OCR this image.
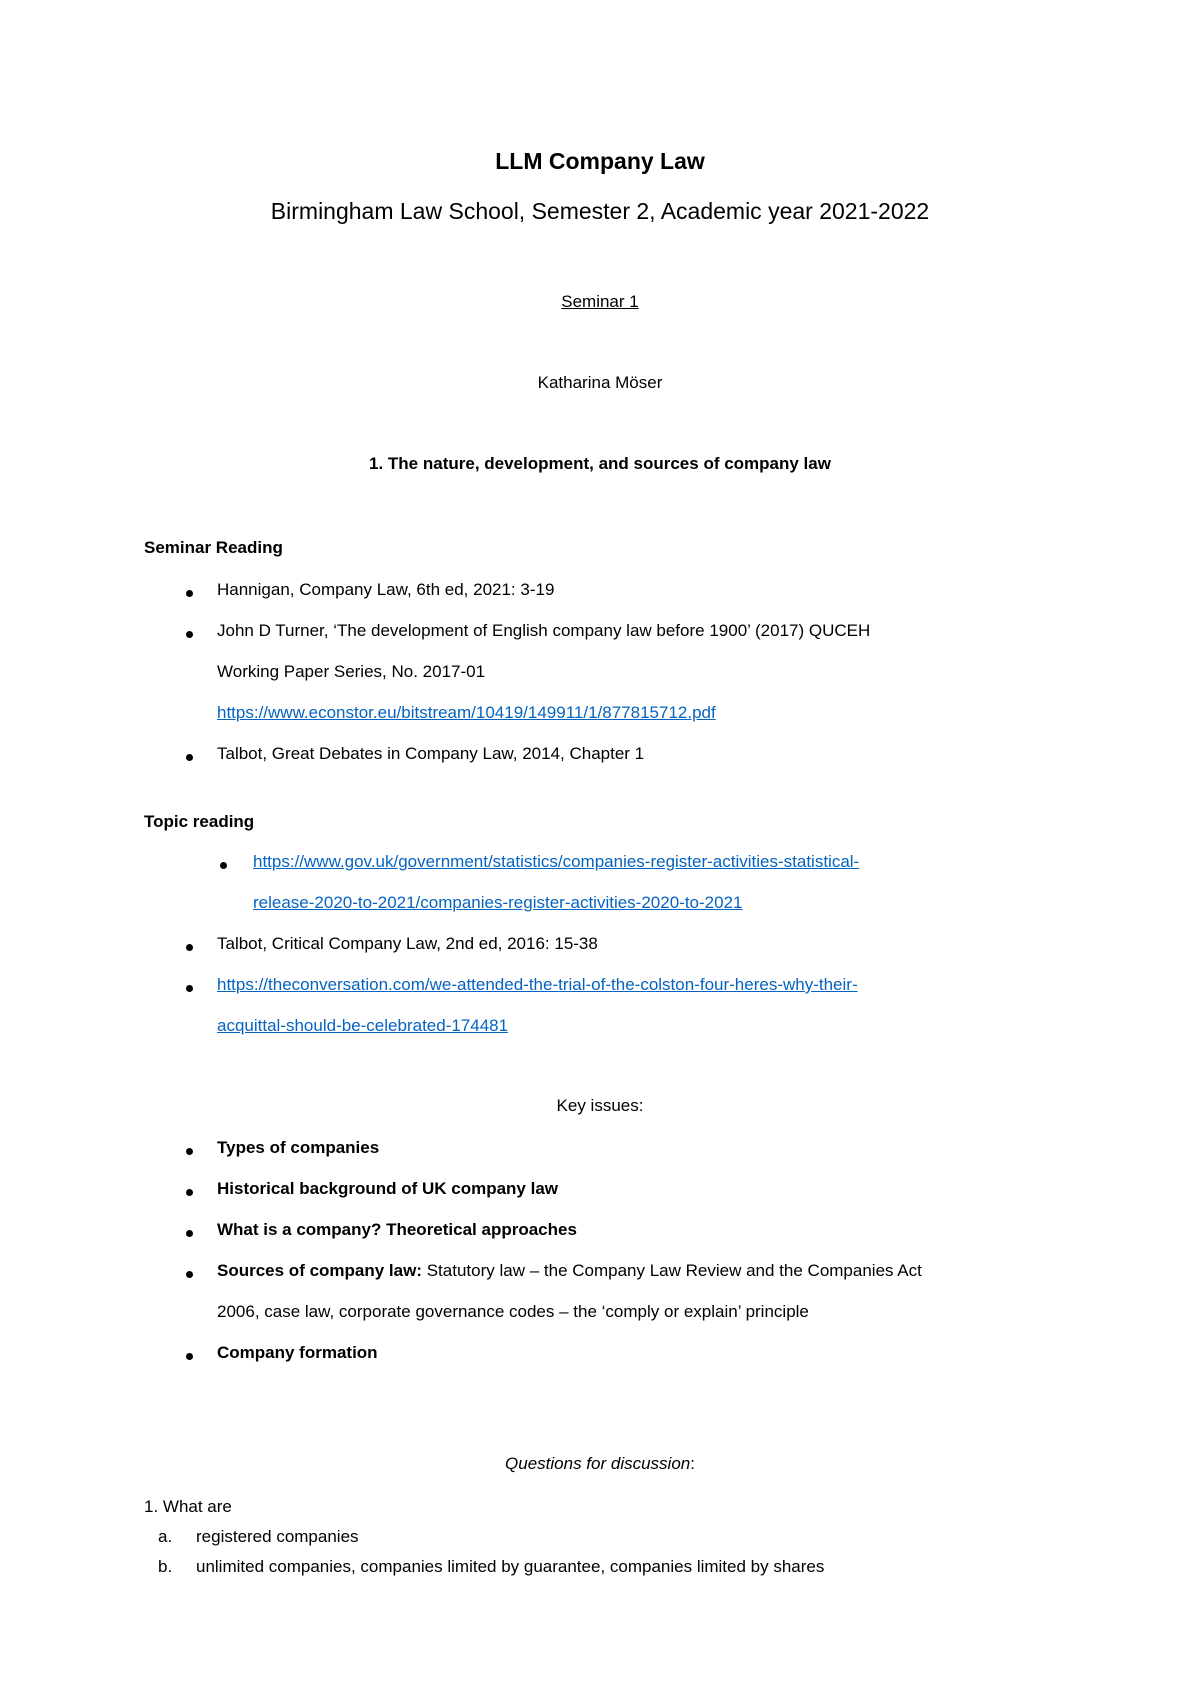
LLM Company Law
Birmingham Law School, Semester 2, Academic year 2021-2022
Seminar 1
Katharina Möser
1. The nature, development, and sources of company law
Seminar Reading
Hannigan, Company Law, 6th ed, 2021: 3-19
John D Turner, ‘The development of English company law before 1900’ (2017) QUCEH
Working Paper Series, No. 2017-01
https://www.econstor.eu/bitstream/10419/149911/1/877815712.pdf
Talbot, Great Debates in Company Law, 2014, Chapter 1
Topic reading
https://www.gov.uk/government/statistics/companies-register-activities-statistical-
release-2020-to-2021/companies-register-activities-2020-to-2021
Talbot, Critical Company Law, 2nd ed, 2016: 15-38
https://theconversation.com/we-attended-the-trial-of-the-colston-four-heres-why-their-
acquittal-should-be-celebrated-174481
Key issues:
Types of companies
Historical background of UK company law
What is a company? Theoretical approaches
Sources of company law: Statutory law – the Company Law Review and the Companies Act
2006, case law, corporate governance codes – the ‘comply or explain’ principle
Company formation
Questions for discussion:
1. What are
a. registered companies
b. unlimited companies, companies limited by guarantee, companies limited by shares
